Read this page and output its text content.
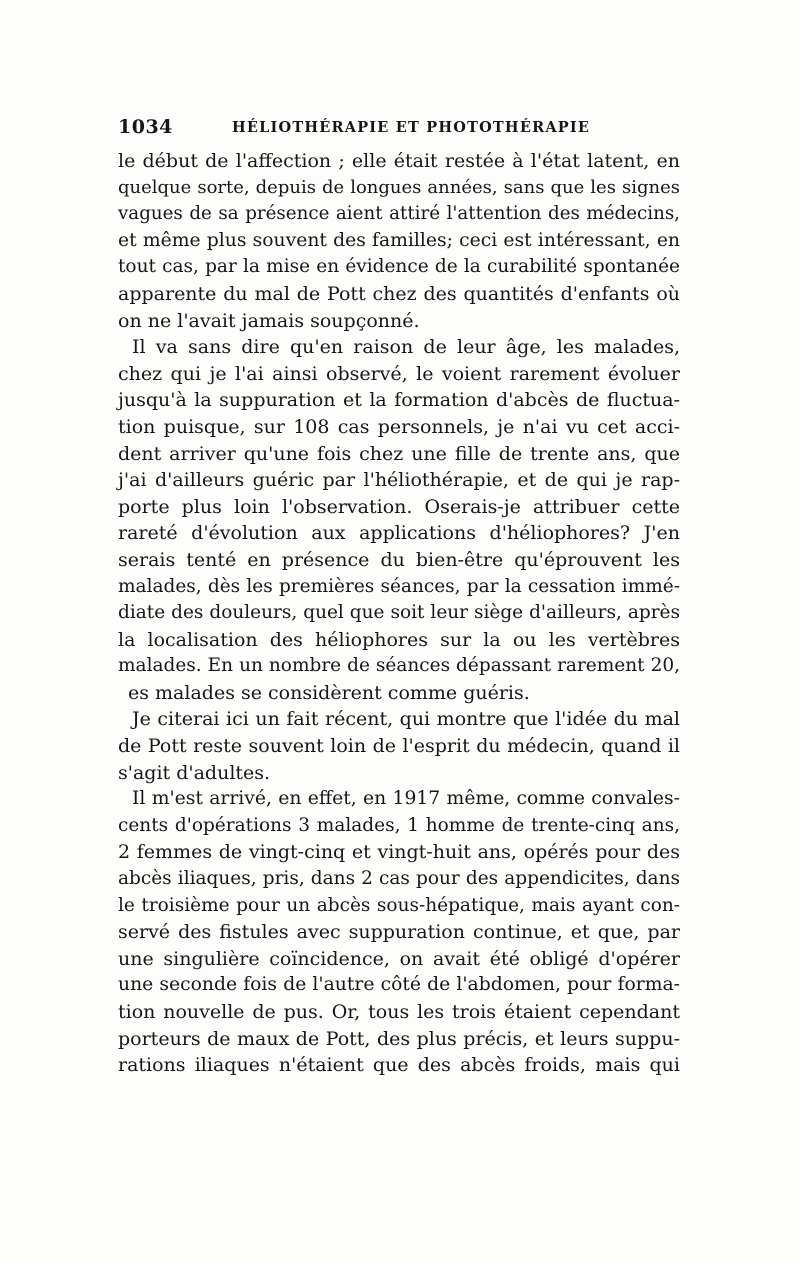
1034	HÉLIOTHÉRAPIE ET PHOTOTHÉRAPIE
le début de l'affection ; elle était restée à l'état latent, en
quelque sorte, depuis de longues années, sans que les signes
vagues de sa présence aient attiré l'attention des médecins,
et même plus souvent des familles; ceci est intéressant, en
tout cas, par la mise en évidence de la curabilité spontanée
apparente du mal de Pott chez des quantités d'enfants où
on ne l'avait jamais soupçonné.
Il va sans dire qu'en raison de leur âge, les malades,
chez qui je l'ai ainsi observé, le voient rarement évoluer
jusqu'à la suppuration et la formation d'abcès de fluctua-
tion puisque, sur 108 cas personnels, je n'ai vu cet acci-
dent arriver qu'une fois chez une fille de trente ans, que
j'ai d'ailleurs guéric par l'héliothérapie, et de qui je rap-
porte plus loin l'observation. Oserais-je attribuer cette
rareté d'évolution aux applications d'héliophores? J'en
serais tenté en présence du bien-être qu'éprouvent les
malades, dès les premières séances, par la cessation immé-
diate des douleurs, quel que soit leur siège d'ailleurs, après
la localisation des héliophores sur la ou les vertèbres
malades. En un nombre de séances dépassant rarement 20,
es malades se considèrent comme guéris.
Je citerai ici un fait récent, qui montre que l'idée du mal
de Pott reste souvent loin de l'esprit du médecin, quand il
s'agit d'adultes.
Il m'est arrivé, en effet, en 1917 même, comme convales-
cents d'opérations 3 malades, 1 homme de trente-cinq ans,
2 femmes de vingt-cinq et vingt-huit ans, opérés pour des
abcès iliaques, pris, dans 2 cas pour des appendicites, dans
le troisième pour un abcès sous-hépatique, mais ayant con-
servé des fistules avec suppuration continue, et que, par
une singulière coïncidence, on avait été obligé d'opérer
une seconde fois de l'autre côté de l'abdomen, pour forma-
tion nouvelle de pus. Or, tous les trois étaient cependant
porteurs de maux de Pott, des plus précis, et leurs suppu-
rations iliaques n'étaient que des abcès froids, mais qui
